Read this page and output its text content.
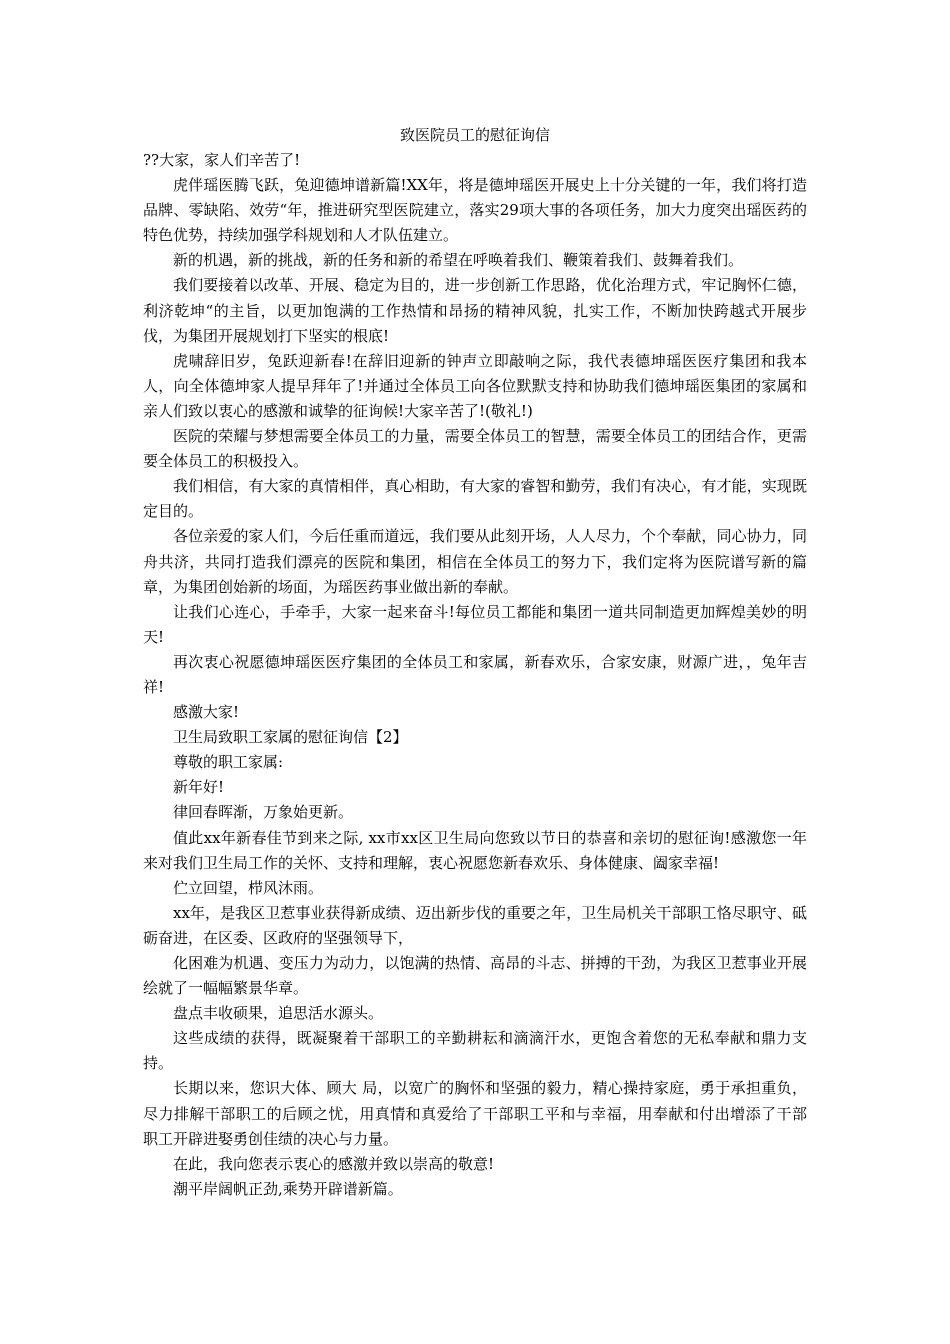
致医院员工的慰征询信

??大家，家人们辛苦了!

虎伴瑶医腾飞跃，兔迎德坤谱新篇!XX年，将是德坤瑶医开展史上十分关键的一年，我们将打造品牌、零缺陷、效劳“年，推进研究型医院建立，落实29项大事的各项任务，加大力度突出瑶医药的特色优势，持续加强学科规划和人才队伍建立。

新的机遇，新的挑战，新的任务和新的希望在呼唤着我们、鞭策着我们、鼓舞着我们。

我们要接着以改革、开展、稳定为目的，进一步创新工作思路，优化治理方式，牢记胸怀仁德，利济乾坤“的主旨，以更加饱满的工作热情和昂扬的精神风貌，扎实工作，不断加快跨越式开展步伐，为集团开展规划打下坚实的根底!

虎啸辞旧岁，兔跃迎新春!在辞旧迎新的钟声立即敲响之际，我代表德坤瑶医医疗集团和我本人，向全体德坤家人提早拜年了!并通过全体员工向各位默默支持和协助我们德坤瑶医集团的家属和亲人们致以衷心的感激和诚挚的征询候!大家辛苦了!(敬礼!)

医院的荣耀与梦想需要全体员工的力量，需要全体员工的智慧，需要全体员工的团结合作，更需要全体员工的积极投入。

我们相信，有大家的真情相伴，真心相助，有大家的睿智和勤劳，我们有决心，有才能，实现既定目的。

各位亲爱的家人们，今后任重而道远，我们要从此刻开场，人人尽力，个个奉献，同心协力，同舟共济，共同打造我们漂亮的医院和集团，相信在全体员工的努力下，我们定将为医院谱写新的篇章，为集团创始新的场面，为瑶医药事业做出新的奉献。

让我们心连心，手牵手，大家一起来奋斗!每位员工都能和集团一道共同制造更加辉煌美妙的明天!

再次衷心祝愿德坤瑶医医疗集团的全体员工和家属，新春欢乐，合家安康，财源广进，，兔年吉祥!

感激大家!

卫生局致职工家属的慰征询信【2】

尊敬的职工家属:

新年好!

律回春晖渐，万象始更新。

值此xx年新春佳节到来之际, xx市xx区卫生局向您致以节日的恭喜和亲切的慰征询!感激您一年来对我们卫生局工作的关怀、支持和理解，衷心祝愿您新春欢乐、身体健康、阖家幸福!

伫立回望，栉风沐雨。

xx年，是我区卫惹事业获得新成绩、迈出新步伐的重要之年，卫生局机关干部职工恪尽职守、砥砺奋进，在区委、区政府的坚强领导下，

化困难为机遇、变压力为动力，以饱满的热情、高昂的斗志、拼搏的干劲，为我区卫惹事业开展绘就了一幅幅繁景华章。

盘点丰收硕果，追思活水源头。

这些成绩的获得，既凝聚着干部职工的辛勤耕耘和滴滴汗水，更饱含着您的无私奉献和鼎力支持。

长期以来，您识大体、顾大 局，以宽广的胸怀和坚强的毅力，精心操持家庭，勇于承担重负，尽力排解干部职工的后顾之忧，用真情和真爱给了干部职工平和与幸福，用奉献和付出增添了干部 职工开辟进娶勇创佳绩的决心与力量。

在此，我向您表示衷心的感激并致以崇高的敬意!

潮平岸阔帆正劲,乘势开辟谱新篇。
